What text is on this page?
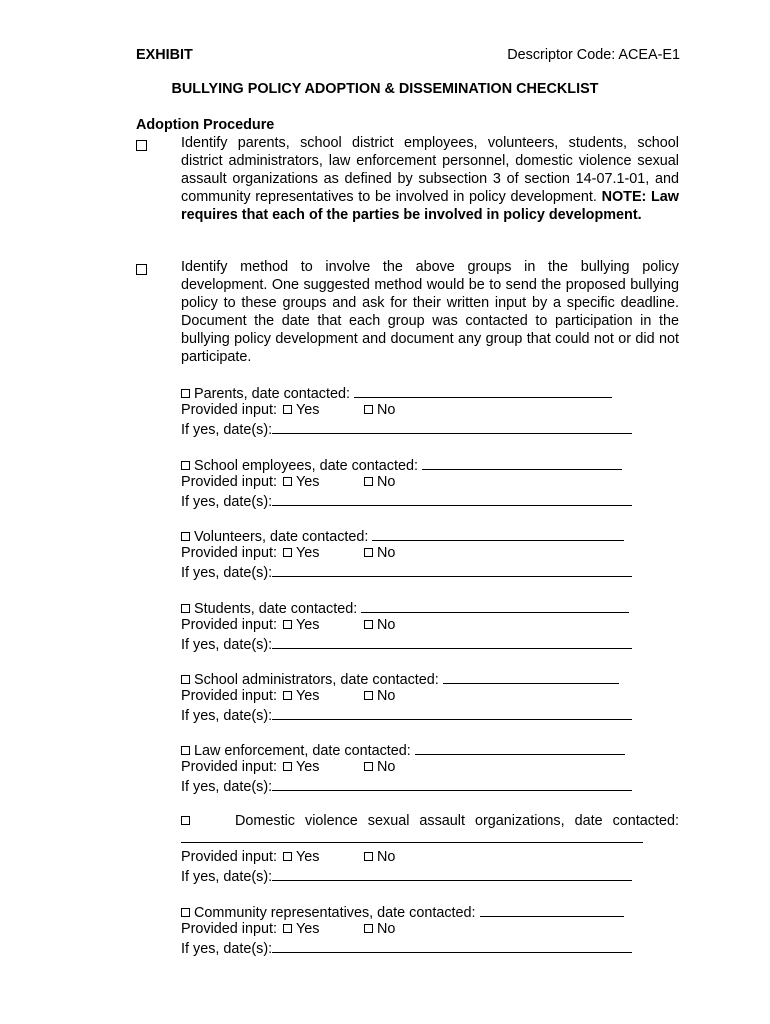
EXHIBIT	Descriptor Code: ACEA-E1
BULLYING POLICY ADOPTION & DISSEMINATION CHECKLIST
Adoption Procedure
Identify parents, school district employees, volunteers, students, school district administrators, law enforcement personnel, domestic violence sexual assault organizations as defined by subsection 3 of section 14-07.1-01, and community representatives to be involved in policy development. NOTE: Law requires that each of the parties be involved in policy development.
Identify method to involve the above groups in the bullying policy development. One suggested method would be to send the proposed bullying policy to these groups and ask for their written input by a specific deadline. Document the date that each group was contacted to participation in the bullying policy development and document any group that could not or did not participate.
Parents, date contacted:
Provided input: Yes	No
If yes, date(s):
School employees, date contacted:
Provided input: Yes	No
If yes, date(s):
Volunteers, date contacted:
Provided input: Yes	No
If yes, date(s):
Students, date contacted:
Provided input: Yes	No
If yes, date(s):
School administrators, date contacted:
Provided input: Yes	No
If yes, date(s):
Law enforcement, date contacted:
Provided input: Yes	No
If yes, date(s):
Domestic violence sexual assault organizations, date contacted:
Provided input: Yes	No
If yes, date(s):
Community representatives, date contacted:
Provided input: Yes	No
If yes, date(s):
